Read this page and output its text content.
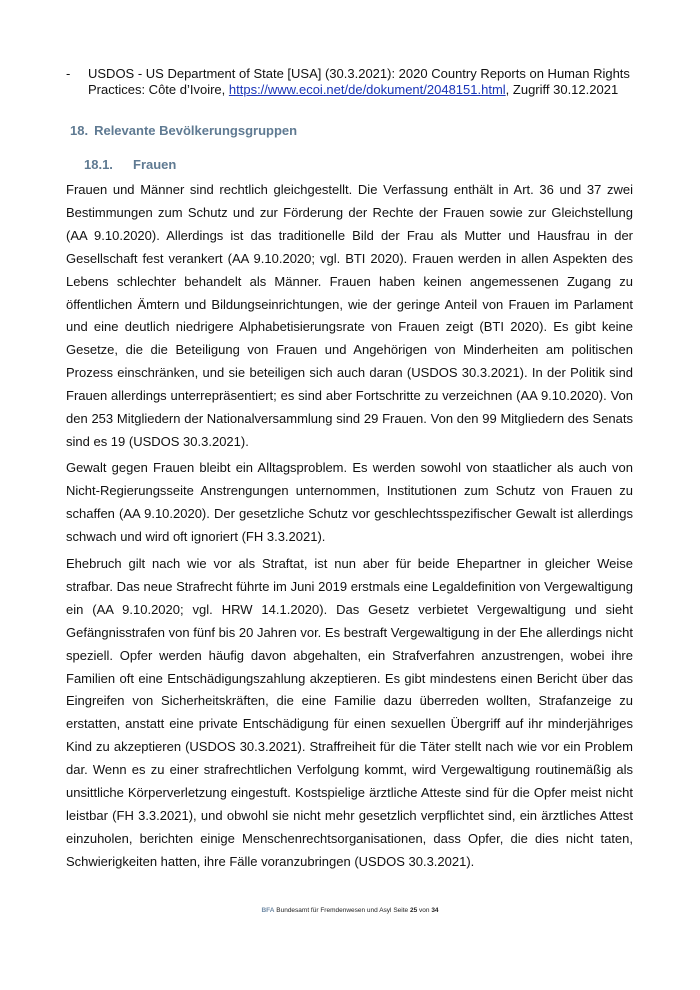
- USDOS - US Department of State [USA] (30.3.2021): 2020 Country Reports on Human Rights Practices: Côte d’Ivoire, https://www.ecoi.net/de/dokument/2048151.html, Zugriff 30.12.2021
18. Relevante Bevölkerungsgruppen
18.1. Frauen

Frauen und Männer sind rechtlich gleichgestellt. Die Verfassung enthält in Art. 36 und 37 zwei Bestimmungen zum Schutz und zur Förderung der Rechte der Frauen sowie zur Gleichstellung (AA 9.10.2020). Allerdings ist das traditionelle Bild der Frau als Mutter und Hausfrau in der Gesellschaft fest verankert (AA 9.10.2020; vgl. BTI 2020). Frauen werden in allen Aspekten des Lebens schlechter behandelt als Männer. Frauen haben keinen angemessenen Zugang zu öffentlichen Ämtern und Bildungseinrichtungen, wie der geringe Anteil von Frauen im Parlament und eine deutlich niedrigere Alphabetisierungsrate von Frauen zeigt (BTI 2020). Es gibt keine Gesetze, die die Beteiligung von Frauen und Angehörigen von Minderheiten am politischen Prozess einschränken, und sie beteiligen sich auch daran (USDOS 30.3.2021). In der Politik sind Frauen allerdings unterrepräsentiert; es sind aber Fortschritte zu verzeichnen (AA 9.10.2020). Von den 253 Mitgliedern der Nationalversammlung sind 29 Frauen. Von den 99 Mitgliedern des Senats sind es 19 (USDOS 30.3.2021).

Gewalt gegen Frauen bleibt ein Alltagsproblem. Es werden sowohl von staatlicher als auch von Nicht-Regierungsseite Anstrengungen unternommen, Institutionen zum Schutz von Frauen zu schaffen (AA 9.10.2020). Der gesetzliche Schutz vor geschlechtsspezifischer Gewalt ist allerdings schwach und wird oft ignoriert (FH 3.3.2021).

Ehebruch gilt nach wie vor als Straftat, ist nun aber für beide Ehepartner in gleicher Weise strafbar. Das neue Strafrecht führte im Juni 2019 erstmals eine Legaldefinition von Vergewaltigung ein (AA 9.10.2020; vgl. HRW 14.1.2020). Das Gesetz verbietet Vergewaltigung und sieht Gefängnisstrafen von fünf bis 20 Jahren vor. Es bestraft Vergewaltigung in der Ehe allerdings nicht speziell. Opfer werden häufig davon abgehalten, ein Strafverfahren anzustrengen, wobei ihre Familien oft eine Entschädigungszahlung akzeptieren. Es gibt mindestens einen Bericht über das Eingreifen von Sicherheitskräften, die eine Familie dazu überreden wollten, Strafanzeige zu erstatten, anstatt eine private Entschädigung für einen sexuellen Übergriff auf ihr minderjähriges Kind zu akzeptieren (USDOS 30.3.2021). Straffreiheit für die Täter stellt nach wie vor ein Problem dar. Wenn es zu einer strafrechtlichen Verfolgung kommt, wird Vergewaltigung routinemäßig als unsittliche Körperverletzung eingestuft. Kostspielige ärztliche Atteste sind für die Opfer meist nicht leistbar (FH 3.3.2021), und obwohl sie nicht mehr gesetzlich verpflichtet sind, ein ärztliches Attest einzuholen, berichten einige Menschenrechtsorganisationen, dass Opfer, die dies nicht taten, Schwierigkeiten hatten, ihre Fälle voranzubringen (USDOS 30.3.2021).

BFA Bundesamt für Fremdenwesen und Asyl Seite 25 von 34
